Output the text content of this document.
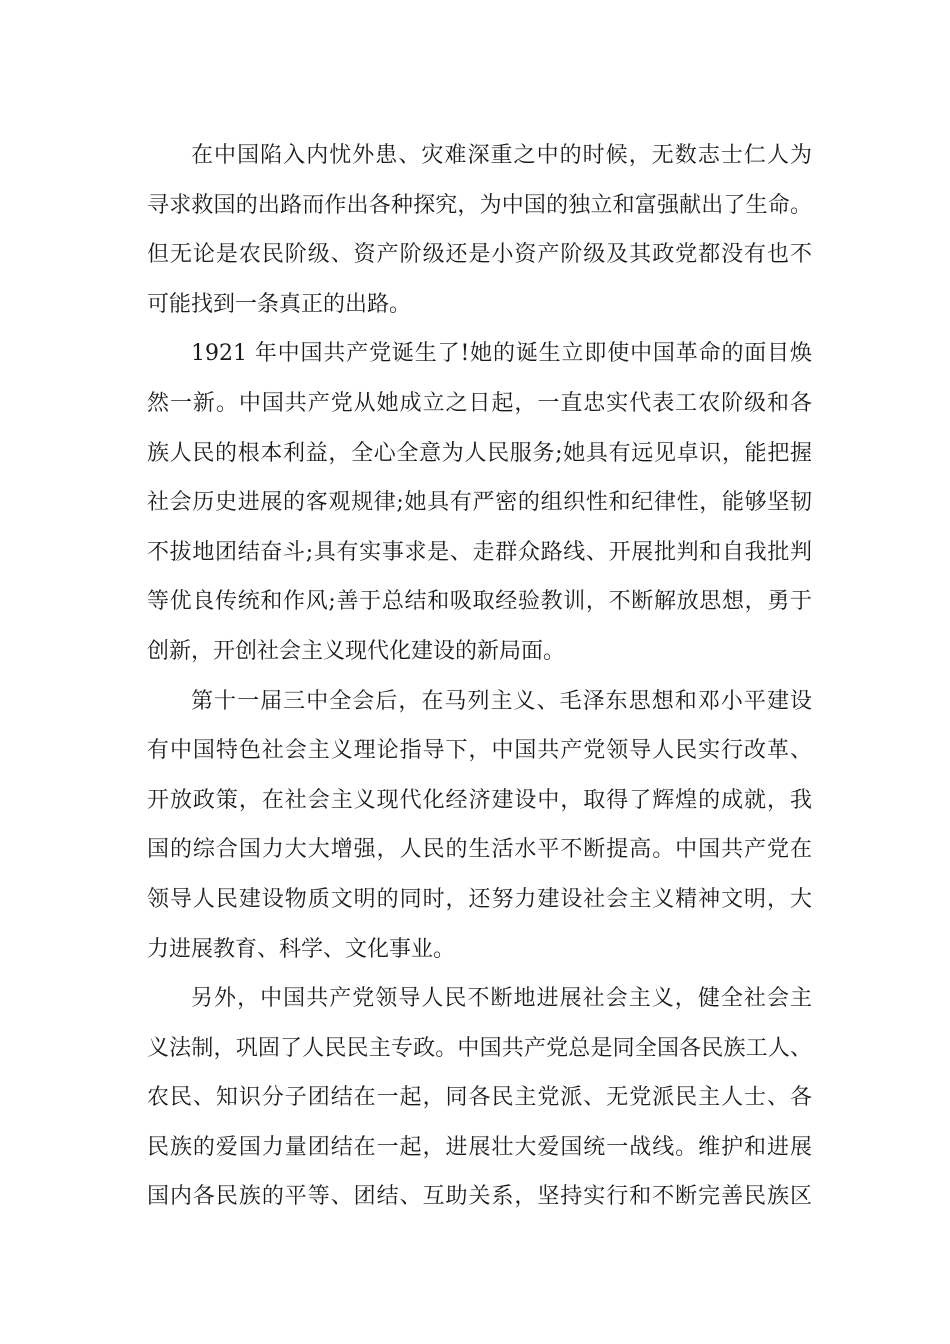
在中国陷入内忧外患、灾难深重之中的时候，无数志士仁人为
寻求救国的出路而作出各种探究，为中国的独立和富强献出了生命。
但无论是农民阶级、资产阶级还是小资产阶级及其政党都没有也不
可能找到一条真正的出路。
1921 年中国共产党诞生了!她的诞生立即使中国革命的面目焕
然一新。中国共产党从她成立之日起，一直忠实代表工农阶级和各
族人民的根本利益，全心全意为人民服务;她具有远见卓识，能把握
社会历史进展的客观规律;她具有严密的组织性和纪律性，能够坚韧
不拔地团结奋斗;具有实事求是、走群众路线、开展批判和自我批判
等优良传统和作风;善于总结和吸取经验教训，不断解放思想，勇于
创新，开创社会主义现代化建设的新局面。
第十一届三中全会后，在马列主义、毛泽东思想和邓小平建设
有中国特色社会主义理论指导下，中国共产党领导人民实行改革、
开放政策，在社会主义现代化经济建设中，取得了辉煌的成就，我
国的综合国力大大增强，人民的生活水平不断提高。中国共产党在
领导人民建设物质文明的同时，还努力建设社会主义精神文明，大
力进展教育、科学、文化事业。
另外，中国共产党领导人民不断地进展社会主义，健全社会主
义法制，巩固了人民民主专政。中国共产党总是同全国各民族工人、
农民、知识分子团结在一起，同各民主党派、无党派民主人士、各
民族的爱国力量团结在一起，进展壮大爱国统一战线。维护和进展
国内各民族的平等、团结、互助关系，坚持实行和不断完善民族区
